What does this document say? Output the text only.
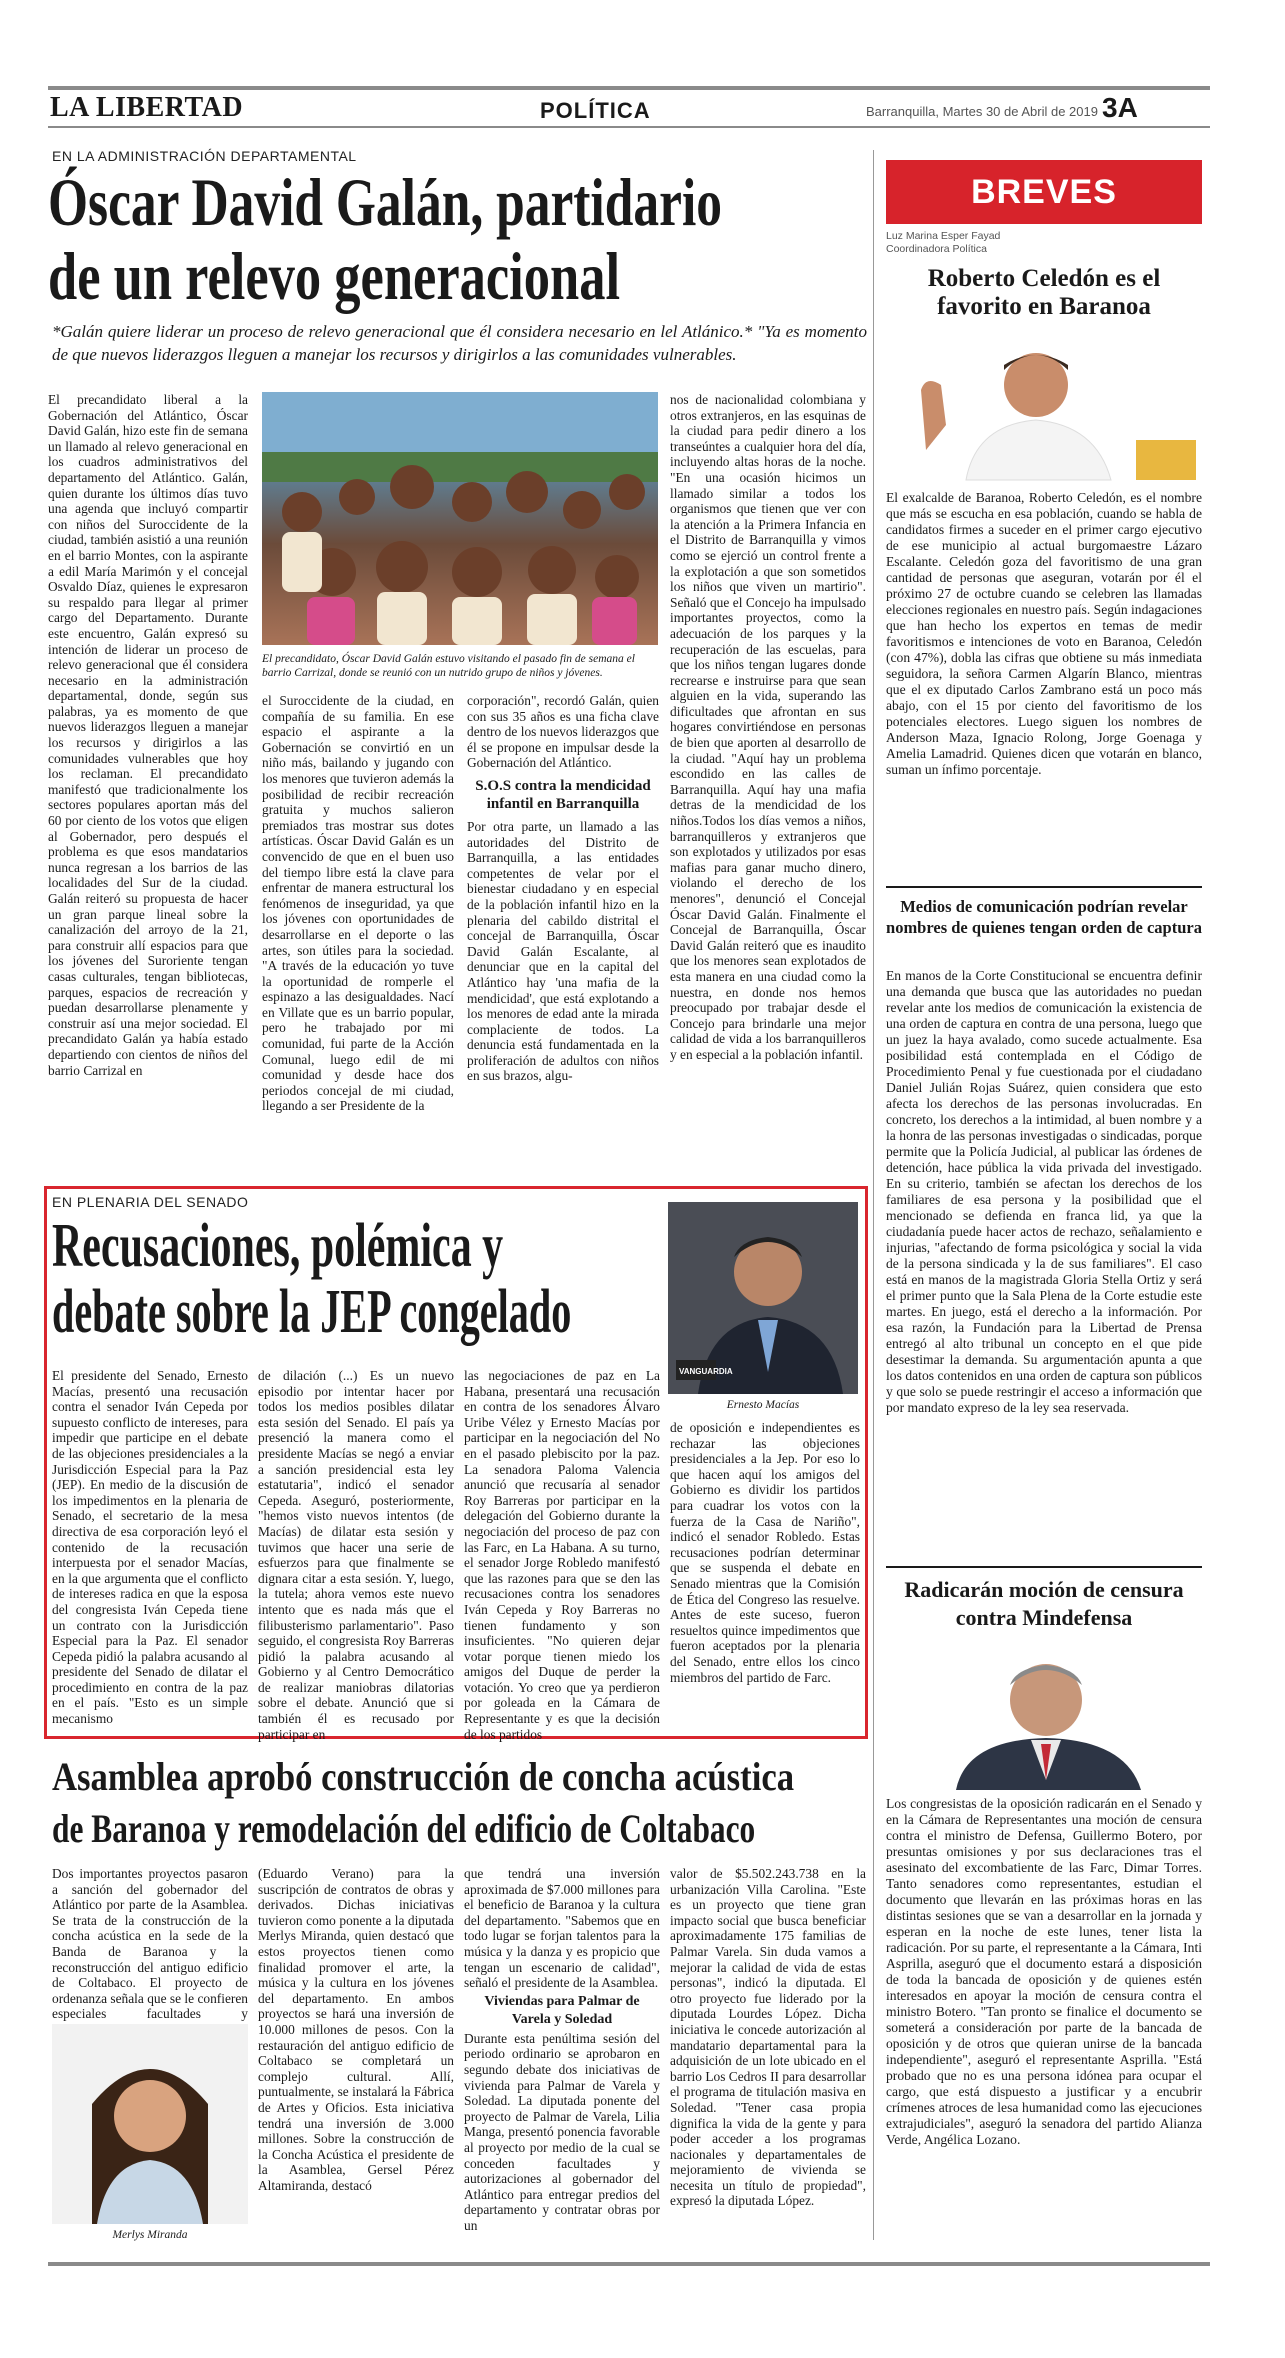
LA LIBERTAD	POLÍTICA	Barranquilla, Martes 30 de Abril de 2019 3A
EN LA ADMINISTRACIÓN DEPARTAMENTAL
Óscar David Galán, partidario
de un relevo generacional
*Galán quiere liderar un proceso de relevo generacional que él considera necesario en lel Atlánico.* "Ya es momento de que nuevos liderazgos lleguen a manejar los recursos y dirigirlos a las comunidades vulnerables.
El precandidato liberal a la Gobernación del Atlántico, Óscar David Galán, hizo este fin de semana un llamado al relevo generacional en los cuadros administrativos del departamento del Atlántico. Galán, quien durante los últimos días tuvo una agenda que incluyó compartir con niños del Suroccidente de la ciudad, también asistió a una reunión en el barrio Montes, con la aspirante a edil María Marimón y el concejal Osvaldo Díaz, quienes le expresaron su respaldo para llegar al primer cargo del Departamento. Durante este encuentro, Galán expresó su intención de liderar un proceso de relevo generacional que él considera necesario en la administración departamental, donde, según sus palabras, ya es momento de que nuevos liderazgos lleguen a manejar los recursos y dirigirlos a las comunidades vulnerables que hoy los reclaman. El precandidato manifestó que tradicionalmente los sectores populares aportan más del 60 por ciento de los votos que eligen al Gobernador, pero después el problema es que esos mandatarios nunca regresan a los barrios de las localidades del Sur de la ciudad. Galán reiteró su propuesta de hacer un gran parque lineal sobre la canalización del arroyo de la 21, para construir allí espacios para que los jóvenes del Suroriente tengan casas culturales, tengan bibliotecas, parques, espacios de recreación y puedan desarrollarse plenamente y construir así una mejor sociedad. El precandidato Galán ya había estado departiendo con cientos de niños del barrio Carrizal en
El precandidato, Óscar David Galán estuvo visitando el pasado fin de semana el barrio Carrizal, donde se reunió con un nutrido grupo de niños y jóvenes.
el Suroccidente de la ciudad, en compañía de su familia. En ese espacio el aspirante a la Gobernación se convirtió en un niño más, bailando y jugando con los menores que tuvieron además la posibilidad de recibir recreación gratuita y muchos salieron premiados tras mostrar sus dotes artísticas. Óscar David Galán es un convencido de que en el buen uso del tiempo libre está la clave para enfrentar de manera estructural los fenómenos de inseguridad, ya que los jóvenes con oportunidades de desarrollarse en el deporte o las artes, son útiles para la sociedad. "A través de la educación yo tuve la oportunidad de romperle el espinazo a las desigualdades. Nací en Villate que es un barrio popular, pero he trabajado por mi comunidad, fui parte de la Acción Comunal, luego edil de mi comunidad y desde hace dos periodos concejal de mi ciudad, llegando a ser Presidente de la
corporación", recordó Galán, quien con sus 35 años es una ficha clave dentro de los nuevos liderazgos que él se propone en impulsar desde la Gobernación del Atlántico.
S.O.S contra la mendicidad infantil en Barranquilla
Por otra parte, un llamado a las autoridades del Distrito de Barranquilla, a las entidades competentes de velar por el bienestar ciudadano y en especial de la población infantil hizo en la plenaria del cabildo distrital el concejal de Barranquilla, Óscar David Galán Escalante, al denunciar que en la capital del Atlántico hay 'una mafia de la mendicidad', que está explotando a los menores de edad ante la mirada complaciente de todos. La denuncia está fundamentada en la proliferación de adultos con niños en sus brazos, algu-
nos de nacionalidad colombiana y otros extranjeros, en las esquinas de la ciudad para pedir dinero a los transeúntes a cualquier hora del día, incluyendo altas horas de la noche. "En una ocasión hicimos un llamado similar a todos los organismos que tienen que ver con la atención a la Primera Infancia en el Distrito de Barranquilla y vimos como se ejerció un control frente a la explotación a que son sometidos los niños que viven un martirio". Señaló que el Concejo ha impulsado importantes proyectos, como la adecuación de los parques y la recuperación de las escuelas, para que los niños tengan lugares donde recrearse e instruirse para que sean alguien en la vida, superando las dificultades que afrontan en sus hogares convirtiéndose en personas de bien que aporten al desarrollo de la ciudad. "Aquí hay un problema escondido en las calles de Barranquilla. Aquí hay una mafia detras de la mendicidad de los niños.Todos los días vemos a niños, barranquilleros y extranjeros que son explotados y utilizados por esas mafias para ganar mucho dinero, violando el derecho de los menores", denunció el Concejal Óscar David Galán. Finalmente el Concejal de Barranquilla, Óscar David Galán reiteró que es inaudito que los menores sean explotados de esta manera en una ciudad como la nuestra, en donde nos hemos preocupado por trabajar desde el Concejo para brindarle una mejor calidad de vida a los barranquilleros y en especial a la población infantil.
BREVES
Luz Marina Esper Fayad
Coordinadora Política
Roberto Celedón es el favorito en Baranoa
El exalcalde de Baranoa, Roberto Celedón, es el nombre que más se escucha en esa población, cuando se habla de candidatos firmes a suceder en el primer cargo ejecutivo de ese municipio al actual burgomaestre Lázaro Escalante. Celedón goza del favoritismo de una gran cantidad de personas que aseguran, votarán por él el próximo 27 de octubre cuando se celebren las llamadas elecciones regionales en nuestro país. Según indagaciones que han hecho los expertos en temas de medir favoritismos e intenciones de voto en Baranoa, Celedón (con 47%), dobla las cifras que obtiene su más inmediata seguidora, la señora Carmen Algarín Blanco, mientras que el ex diputado Carlos Zambrano está un poco más abajo, con el 15 por ciento del favoritismo de los potenciales electores. Luego siguen los nombres de Anderson Maza, Ignacio Rolong, Jorge Goenaga y Amelia Lamadrid. Quienes dicen que votarán en blanco, suman un ínfimo porcentaje.
Medios de comunicación podrían revelar nombres de quienes tengan orden de captura
En manos de la Corte Constitucional se encuentra definir una demanda que busca que las autoridades no puedan revelar ante los medios de comunicación la existencia de una orden de captura en contra de una persona, luego que un juez la haya avalado, como sucede actualmente. Esa posibilidad está contemplada en el Código de Procedimiento Penal y fue cuestionada por el ciudadano Daniel Julián Rojas Suárez, quien considera que esto afecta los derechos de las personas involucradas. En concreto, los derechos a la intimidad, al buen nombre y a la honra de las personas investigadas o sindicadas, porque permite que la Policía Judicial, al publicar las órdenes de detención, hace pública la vida privada del investigado. En su criterio, también se afectan los derechos de los familiares de esa persona y la posibilidad que el mencionado se defienda en franca lid, ya que la ciudadanía puede hacer actos de rechazo, señalamiento e injurias, "afectando de forma psicológica y social la vida de la persona sindicada y la de sus familiares". El caso está en manos de la magistrada Gloria Stella Ortiz y será el primer punto que la Sala Plena de la Corte estudie este martes. En juego, está el derecho a la información. Por esa razón, la Fundación para la Libertad de Prensa entregó al alto tribunal un concepto en el que pide desestimar la demanda. Su argumentación apunta a que los datos contenidos en una orden de captura son públicos y que solo se puede restringir el acceso a información que por mandato expreso de la ley sea reservada.
Radicarán moción de censura
contra Mindefensa
Los congresistas de la oposición radicarán en el Senado y en la Cámara de Representantes una moción de censura contra el ministro de Defensa, Guillermo Botero, por presuntas omisiones y por sus declaraciones tras el asesinato del excombatiente de las Farc, Dimar Torres. Tanto senadores como representantes, estudian el documento que llevarán en las próximas horas en las distintas sesiones que se van a desarrollar en la jornada y esperan en la noche de este lunes, tener lista la radicación. Por su parte, el representante a la Cámara, Inti Asprilla, aseguró que el documento estará a disposición de toda la bancada de oposición y de quienes estén interesados en apoyar la moción de censura contra el ministro Botero. "Tan pronto se finalice el documento se someterá a consideración por parte de la bancada de oposición y de otros que quieran unirse de la bancada independiente", aseguró el representante Asprilla. "Está probado que no es una persona idónea para ocupar el cargo, que está dispuesto a justificar y a encubrir crímenes atroces de lesa humanidad como las ejecuciones extrajudiciales", aseguró la senadora del partido Alianza Verde, Angélica Lozano.
EN PLENARIA DEL SENADO
Recusaciones, polémica y
debate sobre la JEP congelado
VANGUARDIA
Ernesto Macías
El presidente del Senado, Ernesto Macías, presentó una recusación contra el senador Iván Cepeda por supuesto conflicto de intereses, para impedir que participe en el debate de las objeciones presidenciales a la Jurisdicción Especial para la Paz (JEP). En medio de la discusión de los impedimentos en la plenaria de Senado, el secretario de la mesa directiva de esa corporación leyó el contenido de la recusación interpuesta por el senador Macías, en la que argumenta que el conflicto de intereses radica en que la esposa del congresista Iván Cepeda tiene un contrato con la Jurisdicción Especial para la Paz. El senador Cepeda pidió la palabra acusando al presidente del Senado de dilatar el procedimiento en contra de la paz en el país. "Esto es un simple mecanismo
de dilación (...) Es un nuevo episodio por intentar hacer por todos los medios posibles dilatar esta sesión del Senado. El país ya presenció la manera como el presidente Macías se negó a enviar a sanción presidencial esta ley estatutaria", indicó el senador Cepeda. Aseguró, posteriormente, "hemos visto nuevos intentos (de Macías) de dilatar esta sesión y tuvimos que hacer una serie de esfuerzos para que finalmente se dignara citar a esta sesión. Y, luego, la tutela; ahora vemos este nuevo intento que es nada más que el filibusterismo parlamentario". Paso seguido, el congresista Roy Barreras pidió la palabra acusando al Gobierno y al Centro Democrático de realizar maniobras dilatorias sobre el debate. Anunció que si también él es recusado por participar en
las negociaciones de paz en La Habana, presentará una recusación en contra de los senadores Álvaro Uribe Vélez y Ernesto Macías por participar en la negociación del No en el pasado plebiscito por la paz. La senadora Paloma Valencia anunció que recusaría al senador Roy Barreras por participar en la delegación del Gobierno durante la negociación del proceso de paz con las Farc, en La Habana. A su turno, el senador Jorge Robledo manifestó que las razones para que se den las recusaciones contra los senadores Iván Cepeda y Roy Barreras no tienen fundamento y son insuficientes. "No quieren dejar votar porque tienen miedo los amigos del Duque de perder la votación. Yo creo que ya perdieron por goleada en la Cámara de Representante y es que la decisión de los partidos
de oposición e independientes es rechazar las objeciones presidenciales a la Jep. Por eso lo que hacen aquí los amigos del Gobierno es dividir los partidos para cuadrar los votos con la fuerza de la Casa de Nariño", indicó el senador Robledo. Estas recusaciones podrían determinar que se suspenda el debate en Senado mientras que la Comisión de Ética del Congreso las resuelve. Antes de este suceso, fueron resueltos quince impedimentos que fueron aceptados por la plenaria del Senado, entre ellos los cinco miembros del partido de Farc.
Asamblea aprobó construcción de concha acústica
de Baranoa y remodelación del edificio de Coltabaco
Dos importantes proyectos pasaron a sanción del gobernador del Atlántico por parte de la Asamblea. Se trata de la construcción de la concha acústica en la sede de la Banda de Baranoa y la reconstrucción del antiguo edificio de Coltabaco. El proyecto de ordenanza señala que se le confieren especiales facultades y
Merlys Miranda
(Eduardo Verano) para la suscripción de contratos de obras y derivados. Dichas iniciativas tuvieron como ponente a la diputada Merlys Miranda, quien destacó que estos proyectos tienen como finalidad promover el arte, la música y la cultura en los jóvenes del departamento. En ambos proyectos se hará una inversión de 10.000 millones de pesos. Con la restauración del antiguo edificio de Coltabaco se completará un complejo cultural. Allí, puntualmente, se instalará la Fábrica de Artes y Oficios. Esta iniciativa tendrá una inversión de 3.000 millones. Sobre la construcción de la Concha Acústica el presidente de la Asamblea, Gersel Pérez Altamiranda, destacó
que tendrá una inversión aproximada de $7.000 millones para el beneficio de Baranoa y la cultura del departamento. "Sabemos que en todo lugar se forjan talentos para la música y la danza y es propicio que tengan un escenario de calidad", señaló el presidente de la Asamblea.
Viviendas para Palmar de Varela y Soledad
Durante esta penúltima sesión del periodo ordinario se aprobaron en segundo debate dos iniciativas de vivienda para Palmar de Varela y Soledad. La diputada ponente del proyecto de Palmar de Varela, Lilia Manga, presentó ponencia favorable al proyecto por medio de la cual se conceden facultades y autorizaciones al gobernador del Atlántico para entregar predios del departamento y contratar obras por un
valor de $5.502.243.738 en la urbanización Villa Carolina. "Este es un proyecto que tiene gran impacto social que busca beneficiar aproximadamente 175 familias de Palmar Varela. Sin duda vamos a mejorar la calidad de vida de estas personas", indicó la diputada. El otro proyecto fue liderado por la diputada Lourdes López. Dicha iniciativa le concede autorización al mandatario departamental para la adquisición de un lote ubicado en el barrio Los Cedros II para desarrollar el programa de titulación masiva en Soledad. "Tener casa propia dignifica la vida de la gente y para poder acceder a los programas nacionales y departamentales de mejoramiento de vivienda se necesita un título de propiedad", expresó la diputada López.
